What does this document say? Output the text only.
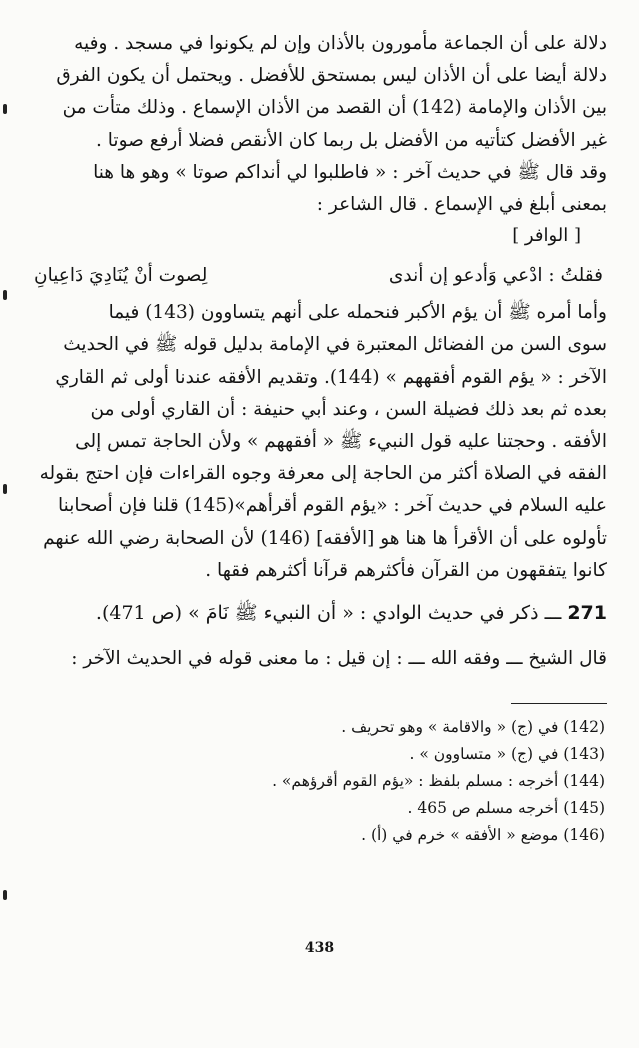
دلالة على أن الجماعة مأمورون بالأذان وإن لم يكونوا في مسجد . وفيه
دلالة أيضا على أن الأذان ليس بمستحق للأفضل . ويحتمل أن يكون الفرق
بين الأذان والإمامة (142) أن القصد من الأذان الإسماع . وذلك متأت من
غير الأفضل كتأتيه من الأفضل بل ربما كان الأنقص فضلا أرفع صوتا .
وقد قال ﷺ في حديث آخر : « فاطلبوا لي أنداكم صوتا » وهو ها هنا
بمعنى أبلغ في الإسماع . قال الشاعر :
[ الوافر ]
فقلتُ : ادْعي وَأدعو إن أندى
لِصوت أنْ يُنَادِيَ دَاعِيانِ
وأما أمره ﷺ أن يؤم الأكبر فنحمله على أنهم يتساوون (143) فيما
سوى السن من الفضائل المعتبرة في الإمامة بدليل قوله ﷺ في الحديث
الآخر : « يؤم القوم أفقههم » (144). وتقديم الأفقه عندنا أولى ثم القاري
بعده ثم بعد ذلك فضيلة السن ، وعند أبي حنيفة : أن القاري أولى من
الأفقه . وحجتنا عليه قول النبيء ﷺ « أفقههم » ولأن الحاجة تمس إلى
الفقه في الصلاة أكثر من الحاجة إلى معرفة وجوه القراءات فإن احتج بقوله
عليه السلام في حديث آخر : «يؤم القوم أقرأهم»(145) قلنا فإن أصحابنا
تأولوه على أن الأقرأ ها هنا هو [الأفقه] (146) لأن الصحابة رضي الله عنهم
كانوا يتفقهون من القرآن فأكثرهم قرآنا أكثرهم فقها .
271 ـــ ذكر في حديث الوادي : « أن النبيء ﷺ نَامَ » (ص 471).
قال الشيخ ـــ وفقه الله ـــ : إن قيل : ما معنى قوله في الحديث الآخر :
(142) في (ج) « والاقامة » وهو تحريف .
(143) في (ج) « متساوون » .
(144) أخرجه : مسلم بلفظ : «يؤم القوم أقرؤهم» .
(145) أخرجه مسلم ص 465 .
(146) موضع « الأفقه » خرم في (أ) .
438
